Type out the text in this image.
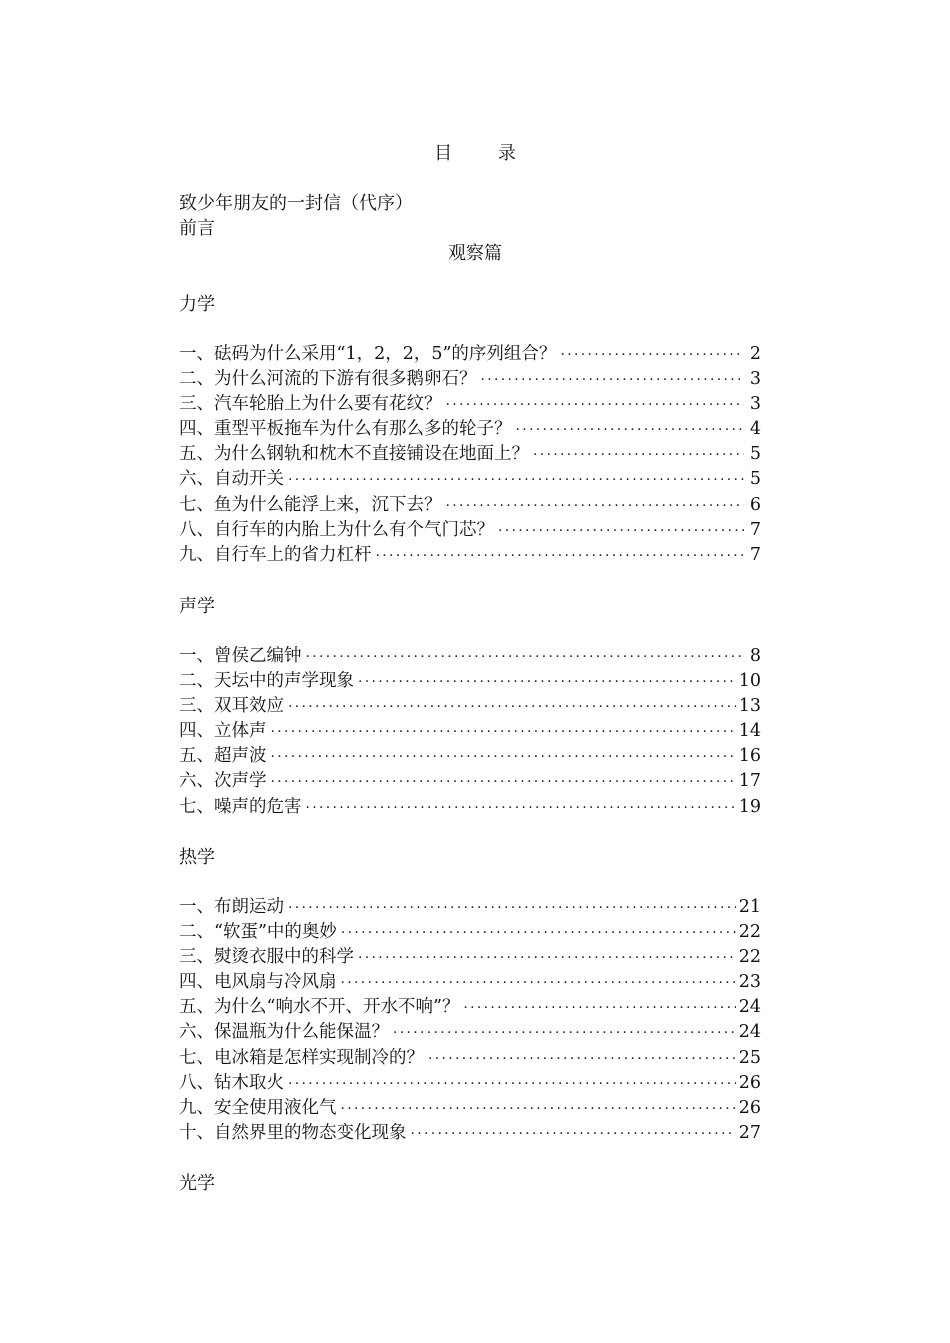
目 录
致少年朋友的一封信（代序）
前言
观察篇
力学
一、 砝码为什么采用“1，2，2，5”的序列组合？ ·····	2
二、 为什么河流的下游有很多鹅卵石？ ·····	3
三、 汽车轮胎上为什么要有花纹？ ·····	3
四、 重型平板拖车为什么有那么多的轮子？ ·····	4
五、 为什么钢轨和枕木不直接铺设在地面上？ ·····	5
六、 自动开关 ·····	5
七、 鱼为什么能浮上来，沉下去？ ·····	6
八、 自行车的内胎上为什么有个气门芯？ ·····	7
九、 自行车上的省力杠杆 ·····	7
声学
一、 曾侯乙编钟 ·····	8
二、 天坛中的声学现象 ·····	10
三、 双耳效应 ·····	13
四、 立体声 ·····	14
五、 超声波 ·····	16
六、 次声学 ·····	17
七、 噪声的危害 ·····	19
热学
一、 布朗运动 ·····	21
二、 “软蛋”中的奥妙 ·····	22
三、 熨烫衣服中的科学 ·····	22
四、 电风扇与冷风扇 ·····	23
五、 为什么“响水不开、开水不响”？ ·····	24
六、 保温瓶为什么能保温？ ·····	24
七、 电冰箱是怎样实现制冷的？ ·····	25
八、 钻木取火 ·····	26
九、 安全使用液化气 ·····	26
十、 自然界里的物态变化现象 ·····	27
光学
